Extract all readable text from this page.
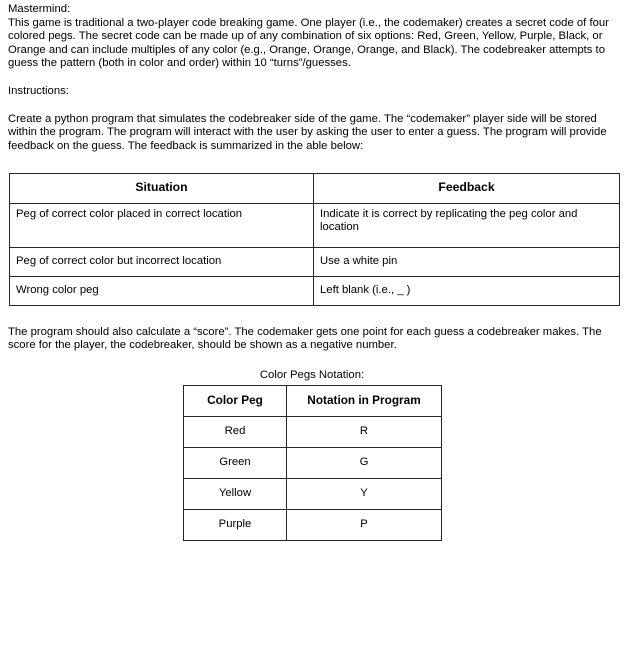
Mastermind:

This game is traditional a two-player code breaking game. One player (i.e., the codemaker) creates a secret code of four colored pegs. The secret code can be made up of any combination of six options: Red, Green, Yellow, Purple, Black, or Orange and can include multiples of any color (e.g., Orange, Orange, Orange, and Black). The codebreaker attempts to guess the pattern (both in color and order) within 10 “turns”/guesses.

Instructions:

Create a python program that simulates the codebreaker side of the game. The “codemaker” player side will be stored within the program. The program will interact with the user by asking the user to enter a guess. The program will provide feedback on the guess. The feedback is summarized in the able below:

Situation	Feedback
Peg of correct color placed in correct location	Indicate it is correct by replicating the peg color and location
Peg of correct color but incorrect location	Use a white pin
Wrong color peg	Left blank (i.e., _ )

The program should also calculate a “score”. The codemaker gets one point for each guess a codebreaker makes. The score for the player, the codebreaker, should be shown as a negative number.

Color Pegs Notation:

Color Peg	Notation in Program
Red	R
Green	G
Yellow	Y
Purple	P
